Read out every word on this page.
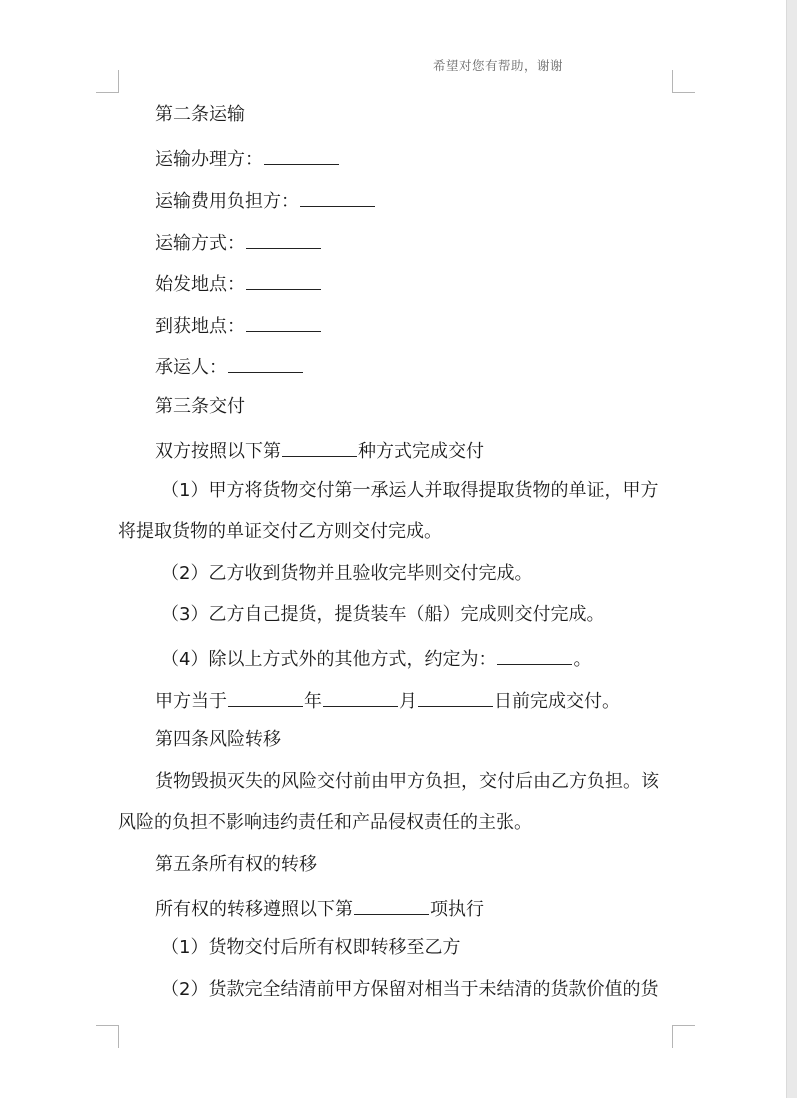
希望对您有帮助，谢谢
第二条运输
运输办理方：
运输费用负担方：
运输方式：
始发地点：
到获地点：
承运人：
第三条交付
双方按照以下第	种方式完成交付
（1）甲方将货物交付第一承运人并取得提取货物的单证，甲方
将提取货物的单证交付乙方则交付完成。
（2）乙方收到货物并且验收完毕则交付完成。
（3）乙方自己提货，提货装车（船）完成则交付完成。
（4）除以上方式外的其他方式，约定为：	。
甲方当于	年	月	日前完成交付。
第四条风险转移
货物毁损灭失的风险交付前由甲方负担，交付后由乙方负担。该
风险的负担不影响违约责任和产品侵权责任的主张。
第五条所有权的转移
所有权的转移遵照以下第	项执行
（1）货物交付后所有权即转移至乙方
（2）货款完全结清前甲方保留对相当于未结清的货款价值的货
